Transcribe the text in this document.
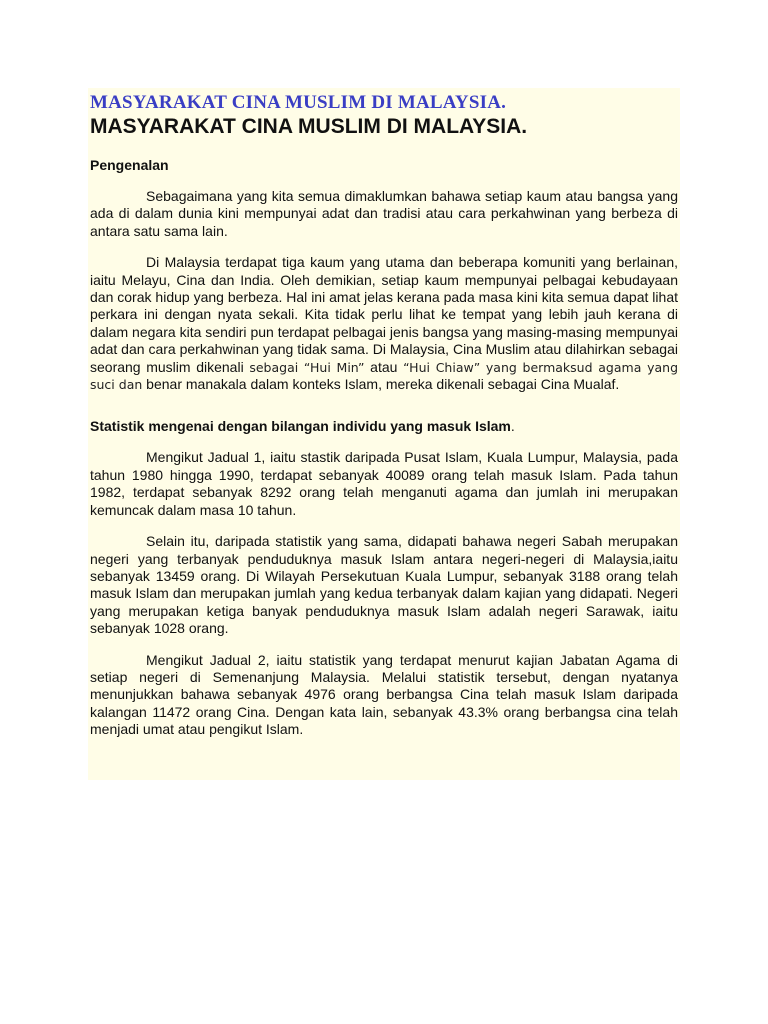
MASYARAKAT CINA MUSLIM DI MALAYSIA.
MASYARAKAT CINA MUSLIM DI MALAYSIA.
Pengenalan

Sebagaimana yang kita semua dimaklumkan bahawa setiap kaum atau bangsa yang ada di dalam dunia kini mempunyai adat dan tradisi atau cara perkahwinan yang berbeza di antara satu sama lain.

Di Malaysia terdapat tiga kaum yang utama dan beberapa komuniti yang berlainan, iaitu Melayu, Cina dan India. Oleh demikian, setiap kaum mempunyai pelbagai kebudayaan dan corak hidup yang berbeza. Hal ini amat jelas kerana pada masa kini kita semua dapat lihat perkara ini dengan nyata sekali. Kita tidak perlu lihat ke tempat yang lebih jauh kerana di dalam negara kita sendiri pun terdapat pelbagai jenis bangsa yang masing-masing mempunyai adat dan cara perkahwinan yang tidak sama. Di Malaysia, Cina Muslim atau dilahirkan sebagai seorang muslim dikenali sebagai “Hui Min” atau “Hui Chiaw” yang bermaksud agama yang suci dan benar manakala dalam konteks Islam, mereka dikenali sebagai Cina Mualaf.

Statistik mengenai dengan bilangan individu yang masuk Islam.

Mengikut Jadual 1, iaitu stastik daripada Pusat Islam, Kuala Lumpur, Malaysia, pada tahun 1980 hingga 1990, terdapat sebanyak 40089 orang telah masuk Islam. Pada tahun 1982, terdapat sebanyak 8292 orang telah menganuti agama dan jumlah ini merupakan kemuncak dalam masa 10 tahun.

Selain itu, daripada statistik yang sama, didapati bahawa negeri Sabah merupakan negeri yang terbanyak penduduknya masuk Islam antara negeri-negeri di Malaysia,iaitu sebanyak 13459 orang. Di Wilayah Persekutuan Kuala Lumpur, sebanyak 3188 orang telah masuk Islam dan merupakan jumlah yang kedua terbanyak dalam kajian yang didapati. Negeri yang merupakan ketiga banyak penduduknya masuk Islam adalah negeri Sarawak, iaitu sebanyak 1028 orang.

Mengikut Jadual 2, iaitu statistik yang terdapat menurut kajian Jabatan Agama di setiap negeri di Semenanjung Malaysia. Melalui statistik tersebut, dengan nyatanya menunjukkan bahawa sebanyak 4976 orang berbangsa Cina telah masuk Islam daripada kalangan 11472 orang Cina. Dengan kata lain, sebanyak 43.3% orang berbangsa cina telah menjadi umat atau pengikut Islam.
